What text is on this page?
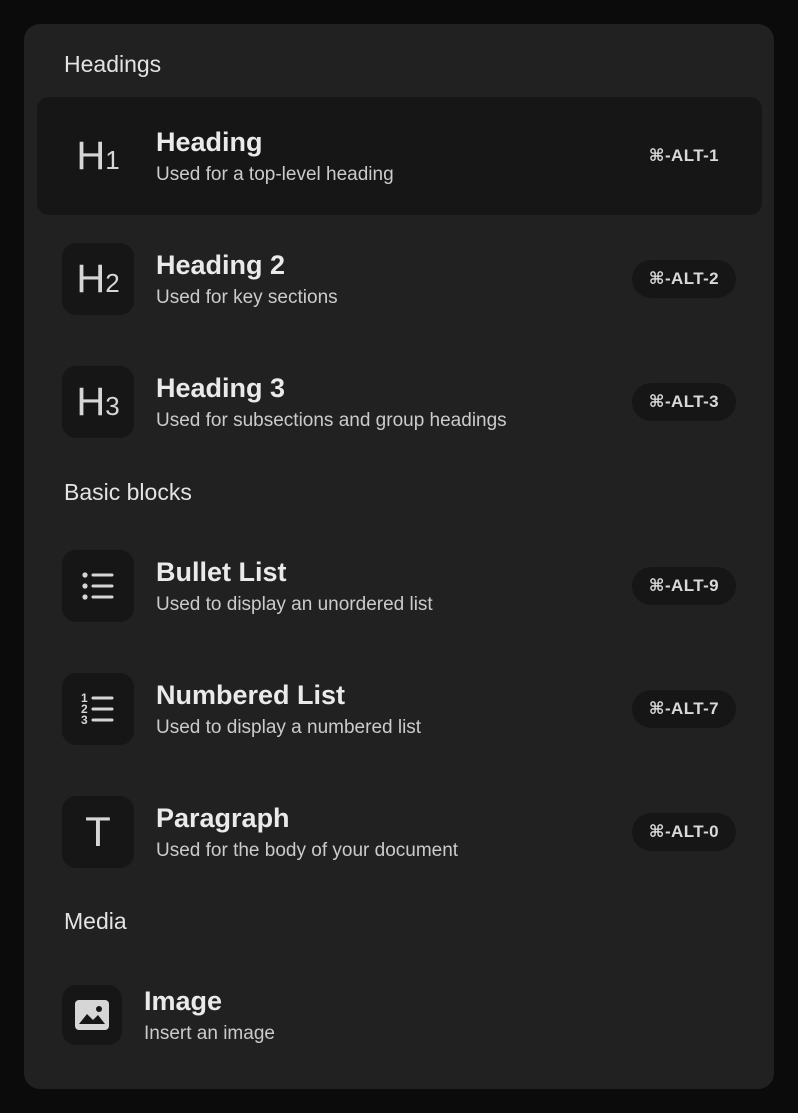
Headings
H1
Heading
Used for a top-level heading
⌘-ALT-1
H2
Heading 2
Used for key sections
⌘-ALT-2
H3
Heading 3
Used for subsections and group headings
⌘-ALT-3
Basic blocks
Bullet List
Used to display an unordered list
⌘-ALT-9
1
2
3
Numbered List
Used to display a numbered list
⌘-ALT-7
T Paragraph
Used for the body of your document
⌘-ALT-0
Media
Image
Insert an image
